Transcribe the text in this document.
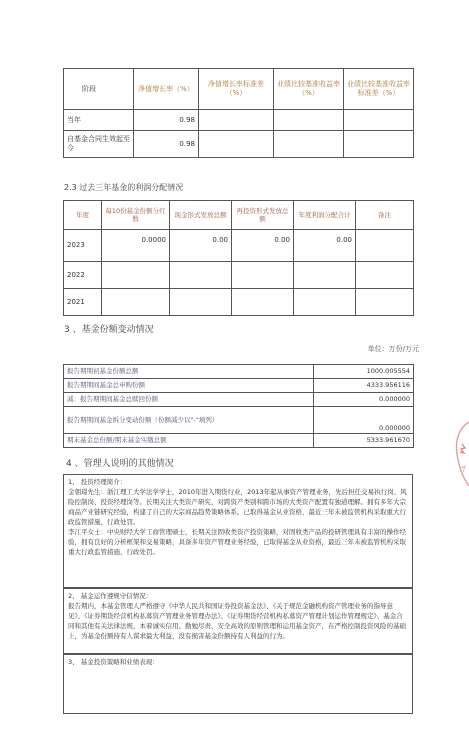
阶段	净值增长率（%）	净值增长率标准差（%）	业绩比较基准收益率（%）	业绩比较基准收益率标准差（%）
当年	0.98			
自基金合同生效起至今	0.98			
2.3 过去三年基金的利润分配情况
年度	每10份基金份额分红数	现金形式发放总额	再投资形式发放总额	年度利润分配合计	备注
2023	0.0000	0.00	0.00	0.00	
2022					
2021					
3 、基金份额变动情况
单位：万份/万元
报告期期初基金份额总额	1000.005554
报告期期间基金总申购份额	4333.956116
减：报告期期间基金总赎回份额	0.000000
报告期期间基金拆分变动份额（份额减少以"-"填列）	0.000000
期末基金总份额/期末基金实缴总额	5333.961670
4 、管理人说明的其他情况
1、 投资经理简介：
金朝璟先生：浙江理工大学法学学士，2010年进入期货行业，2013年起从事资产管理业务，先后担任交易执行岗、风险控制岗、投资经理岗等。长期关注大类资产研究，对跨资产类别和跨市场的大类资产配置有独道理解。拥有多年大宗商品产业链研究经验，构建了自己的大宗商品趋势策略体系。已取得基金从业资格，最近三年未被监管机构采取重大行政监管措施、行政处罚。
李江平女士：中央财经大学工商管理硕士，长期关注固收类资产投资策略，对固收类产品的投研管理具有丰富的操作经验，拥有良好的分析框架和交易策略，具备多年资产管理业务经验，已取得基金从业资格，最近三年未被监管机构采取重大行政监管措施、行政处罚。
2、 基金运作遵规守信情况：
报告期内，本基金管理人严格遵守《中华人民共和国证券投资基金法》、《关于规范金融机构资产管理业务的指导意见》、《证券期货经营机构私募资产管理业务管理办法》、《证券期货经营机构私募资产管理计划运作管理规定》、基金合同和其他有关法律法规，本着诚实信用、勤勉尽责、安全高效的原则管理和运用基金资产，在严格控制投资风险的基础上，为基金份额持有人谋求最大利益，没有损害基金份额持有人利益的行为。
3、 基金投资策略和业绩表现：
